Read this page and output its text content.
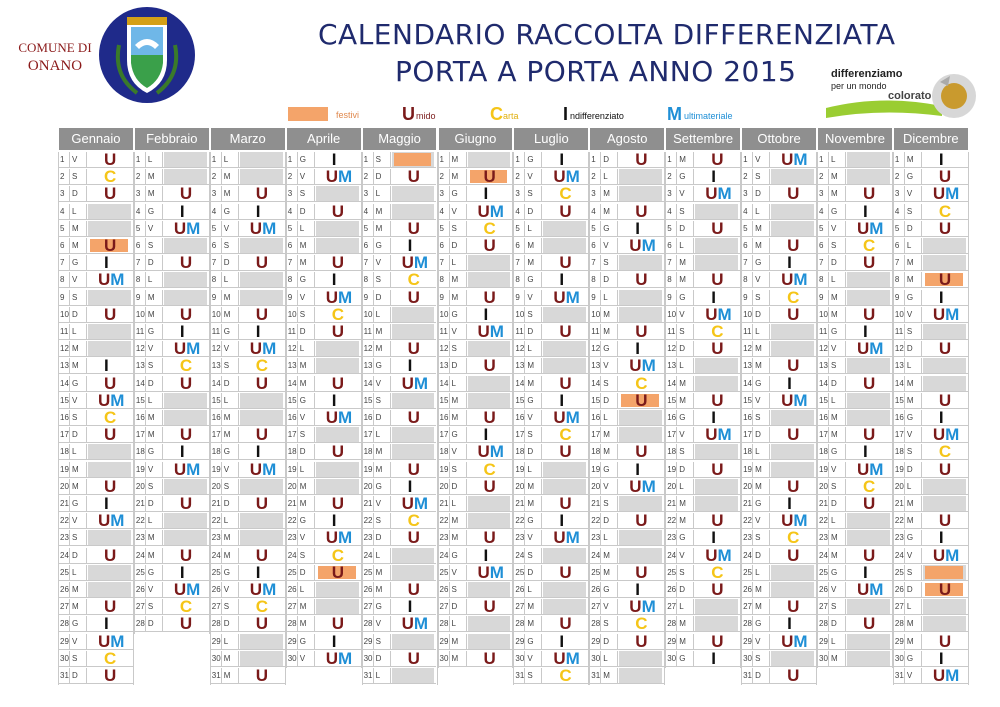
COMUNE DI
ONANO
CALENDARIO RACCOLTA DIFFERENZIATA
PORTA A PORTA ANNO 2015	differenziamo
per un mondo
colorato
festivi U mido	C arta I ndifferenziato M ultimateriale
Gennaio
1 V	U
2 S	C
3 D	U
4 L
5 M
6 M	U
7 G	I
8 V	UM
9 S
10 D	U
11 L
12 M
13 M	I
14 G	U
15 V	UM
16 S	C
17 D	U
18 L
19 M
20 M	U
21 G	I
22 V	UM
23 S
24 D	U
25 L
26 M
27 M	U
28 G	I
29 V	UM
30 S	C
31 D	U
Febbraio
1 L
2 M
3 M	U
4 G	I
5 V	UM
6 S
7 D	U
8 L
9 M
10 M	U
11 G	I
12 V	UM
13 S	C
14 D	U
15 L
16 M
17 M	U
18 G	I
19 V	UM
20 S
21 D	U
22 L
23 M
24 M	U
25 G	I
26 V	UM
27 S	C
28 D	U
Marzo
1 L
2 M
3 M	U
4 G	I
5 V	UM
6 S
7 D	U
8 L
9 M
10 M	U
11 G	I
12 V	UM
13 S	C
14 D	U
15 L
16 M
17 M	U
18 G	I
19 V	UM
20 S
21 D	U
22 L
23 M
24 M	U
25 G	I
26 V	UM
27 S	C
28 D	U
29 L
30 M
31 M	U
Aprile
1 G	I
2 V	UM
3 S
4 D	U
5 L
6 M
7 M	U
8 G	I
9 V	UM
10 S	C
11 D	U
12 L
13 M
14 M	U
15 G	I
16 V	UM
17 S
18 D	U
19 L
20 M
21 M	U
22 G	I
23 V	UM
24 S	C
25 D	U
26 L
27 M
28 M	U
29 G	I
30 V	UM
Maggio
1 S
2 D	U
3 L
4 M
5 M	U
6 G	I
7 V	UM
8 S	C
9 D	U
10 L
11 M
12 M	U
13 G	I
14 V	UM
15 S
16 D	U
17 L
18 M
19 M	U
20 G	I
21 V	UM
22 S	C
23 D	U
24 L
25 M
26 M	U
27 G	I
28 V	UM
29 S
30 D	U
31 L
Giugno
1 M
2 M	U
3 G	I
4 V	UM
5 S	C
6 D	U
7 L
8 M
9 M	U
10 G	I
11 V	UM
12 S
13 D	U
14 L
15 M
16 M	U
17 G	I
18 V	UM
19 S	C
20 D	U
21 L
22 M
23 M	U
24 G	I
25 V	UM
26 S
27 D	U
28 L
29 M
30 M	U
Luglio
1 G	I
2 V	UM
3 S	C
4 D	U
5 L
6 M
7 M	U
8 G	I
9 V	UM
10 S
11 D	U
12 L
13 M
14 M	U
15 G	I
16 V	UM
17 S	C
18 D	U
19 L
20 M
21 M	U
22 G	I
23 V	UM
24 S
25 D	U
26 L
27 M
28 M	U
29 G	I
30 V	UM
31 S	C
Agosto
1 D	U
2 L
3 M
4 M	U
5 G	I
6 V	UM
7 S
8 D	U
9 L
10 M
11 M	U
12 G	I
13 V	UM
14 S	C
15 D	U
16 L
17 M
18 M	U
19 G	I
20 V	UM
21 S
22 D	U
23 L
24 M
25 M	U
26 G	I
27 V	UM
28 S	C
29 D	U
30 L
31 M
Settembre
1 M	U
2 G	I
3 V	UM
4 S
5 D	U
6 L
7 M
8 M	U
9 G	I
10 V	UM
11 S	C
12 D	U
13 L
14 M
15 M	U
16 G	I
17 V	UM
18 S
19 D	U
20 L
21 M
22 M	U
23 G	I
24 V	UM
25 S	C
26 D	U
27 L
28 M
29 M	U
30 G	I
Ottobre
1 V	UM
2 S
3 D	U
4 L
5 M
6 M	U
7 G	I
8 V	UM
9 S	C
10 D	U
11 L
12 M
13 M	U
14 G	I
15 V	UM
16 S
17 D	U
18 L
19 M
20 M	U
21 G	I
22 V	UM
23 S	C
24 D	U
25 L
26 M
27 M	U
28 G	I
29 V	UM
30 S
31 D	U
Novembre
1 L
2 M
3 M	U
4 G	I
5 V	UM
6 S	C
7 D	U
8 L
9 M
10 M	U
11 G	I
12 V	UM
13 S
14 D	U
15 L
16 M
17 M	U
18 G	I
19 V	UM
20 S	C
21 D	U
22 L
23 M
24 M	U
25 G	I
26 V	UM
27 S
28 D	U
29 L
30 M
Dicembre
1 M	I
2 G	U
3 V	UM
4 S	C
5 D	U
6 L
7 M
8 M	U
9 G	I
10 V	UM
11 S
12 D	U
13 L
14 M
15 M	U
16 G	I
17 V	UM
18 S	C
19 D	U
20 L
21 M
22 M	U
23 G	I
24 V	UM
25 S
26 D	U
27 L
28 M
29 M	U
30 G	I
31 V	UM
